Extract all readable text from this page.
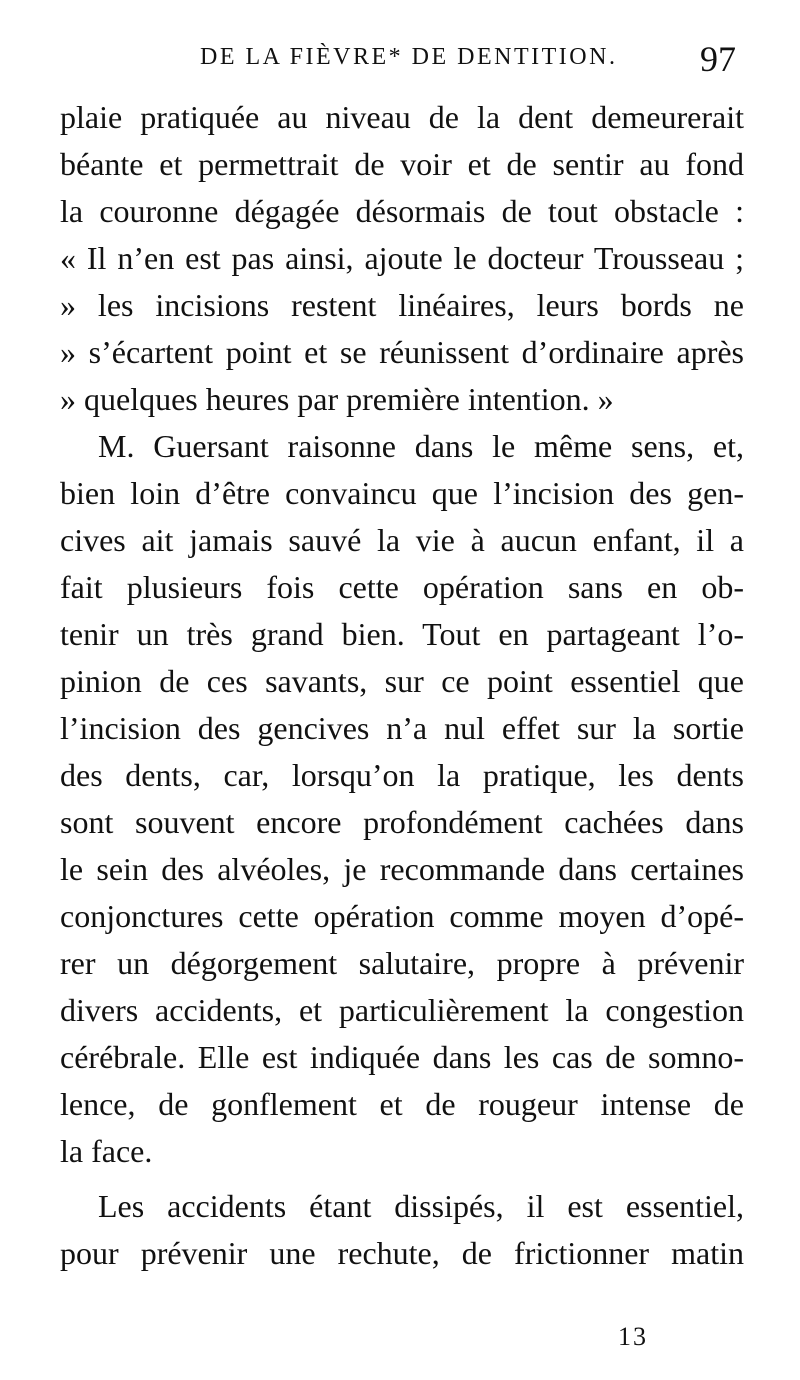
DE LA FIÈVRE* DE DENTITION. 97
plaie pratiquée au niveau de la dent demeurerait
béante et permettrait de voir et de sentir au fond
la couronne dégagée désormais de tout obstacle :
« Il n’en est pas ainsi, ajoute le docteur Trousseau ;
» les incisions restent linéaires, leurs bords ne
» s’écartent point et se réunissent d’ordinaire après
» quelques heures par première intention. »
M. Guersant raisonne dans le même sens, et,
bien loin d’être convaincu que l’incision des gen-
cives ait jamais sauvé la vie à aucun enfant, il a
fait plusieurs fois cette opération sans en ob-
tenir un très grand bien. Tout en partageant l’o-
pinion de ces savants, sur ce point essentiel que
l’incision des gencives n’a nul effet sur la sortie
des dents, car, lorsqu’on la pratique, les dents
sont souvent encore profondément cachées dans
le sein des alvéoles, je recommande dans certaines
conjonctures cette opération comme moyen d’opé-
rer un dégorgement salutaire, propre à prévenir
divers accidents, et particulièrement la congestion
cérébrale. Elle est indiquée dans les cas de somno-
lence, de gonflement et de rougeur intense de
la face.
Les accidents étant dissipés, il est essentiel,
pour prévenir une rechute, de frictionner matin
13
